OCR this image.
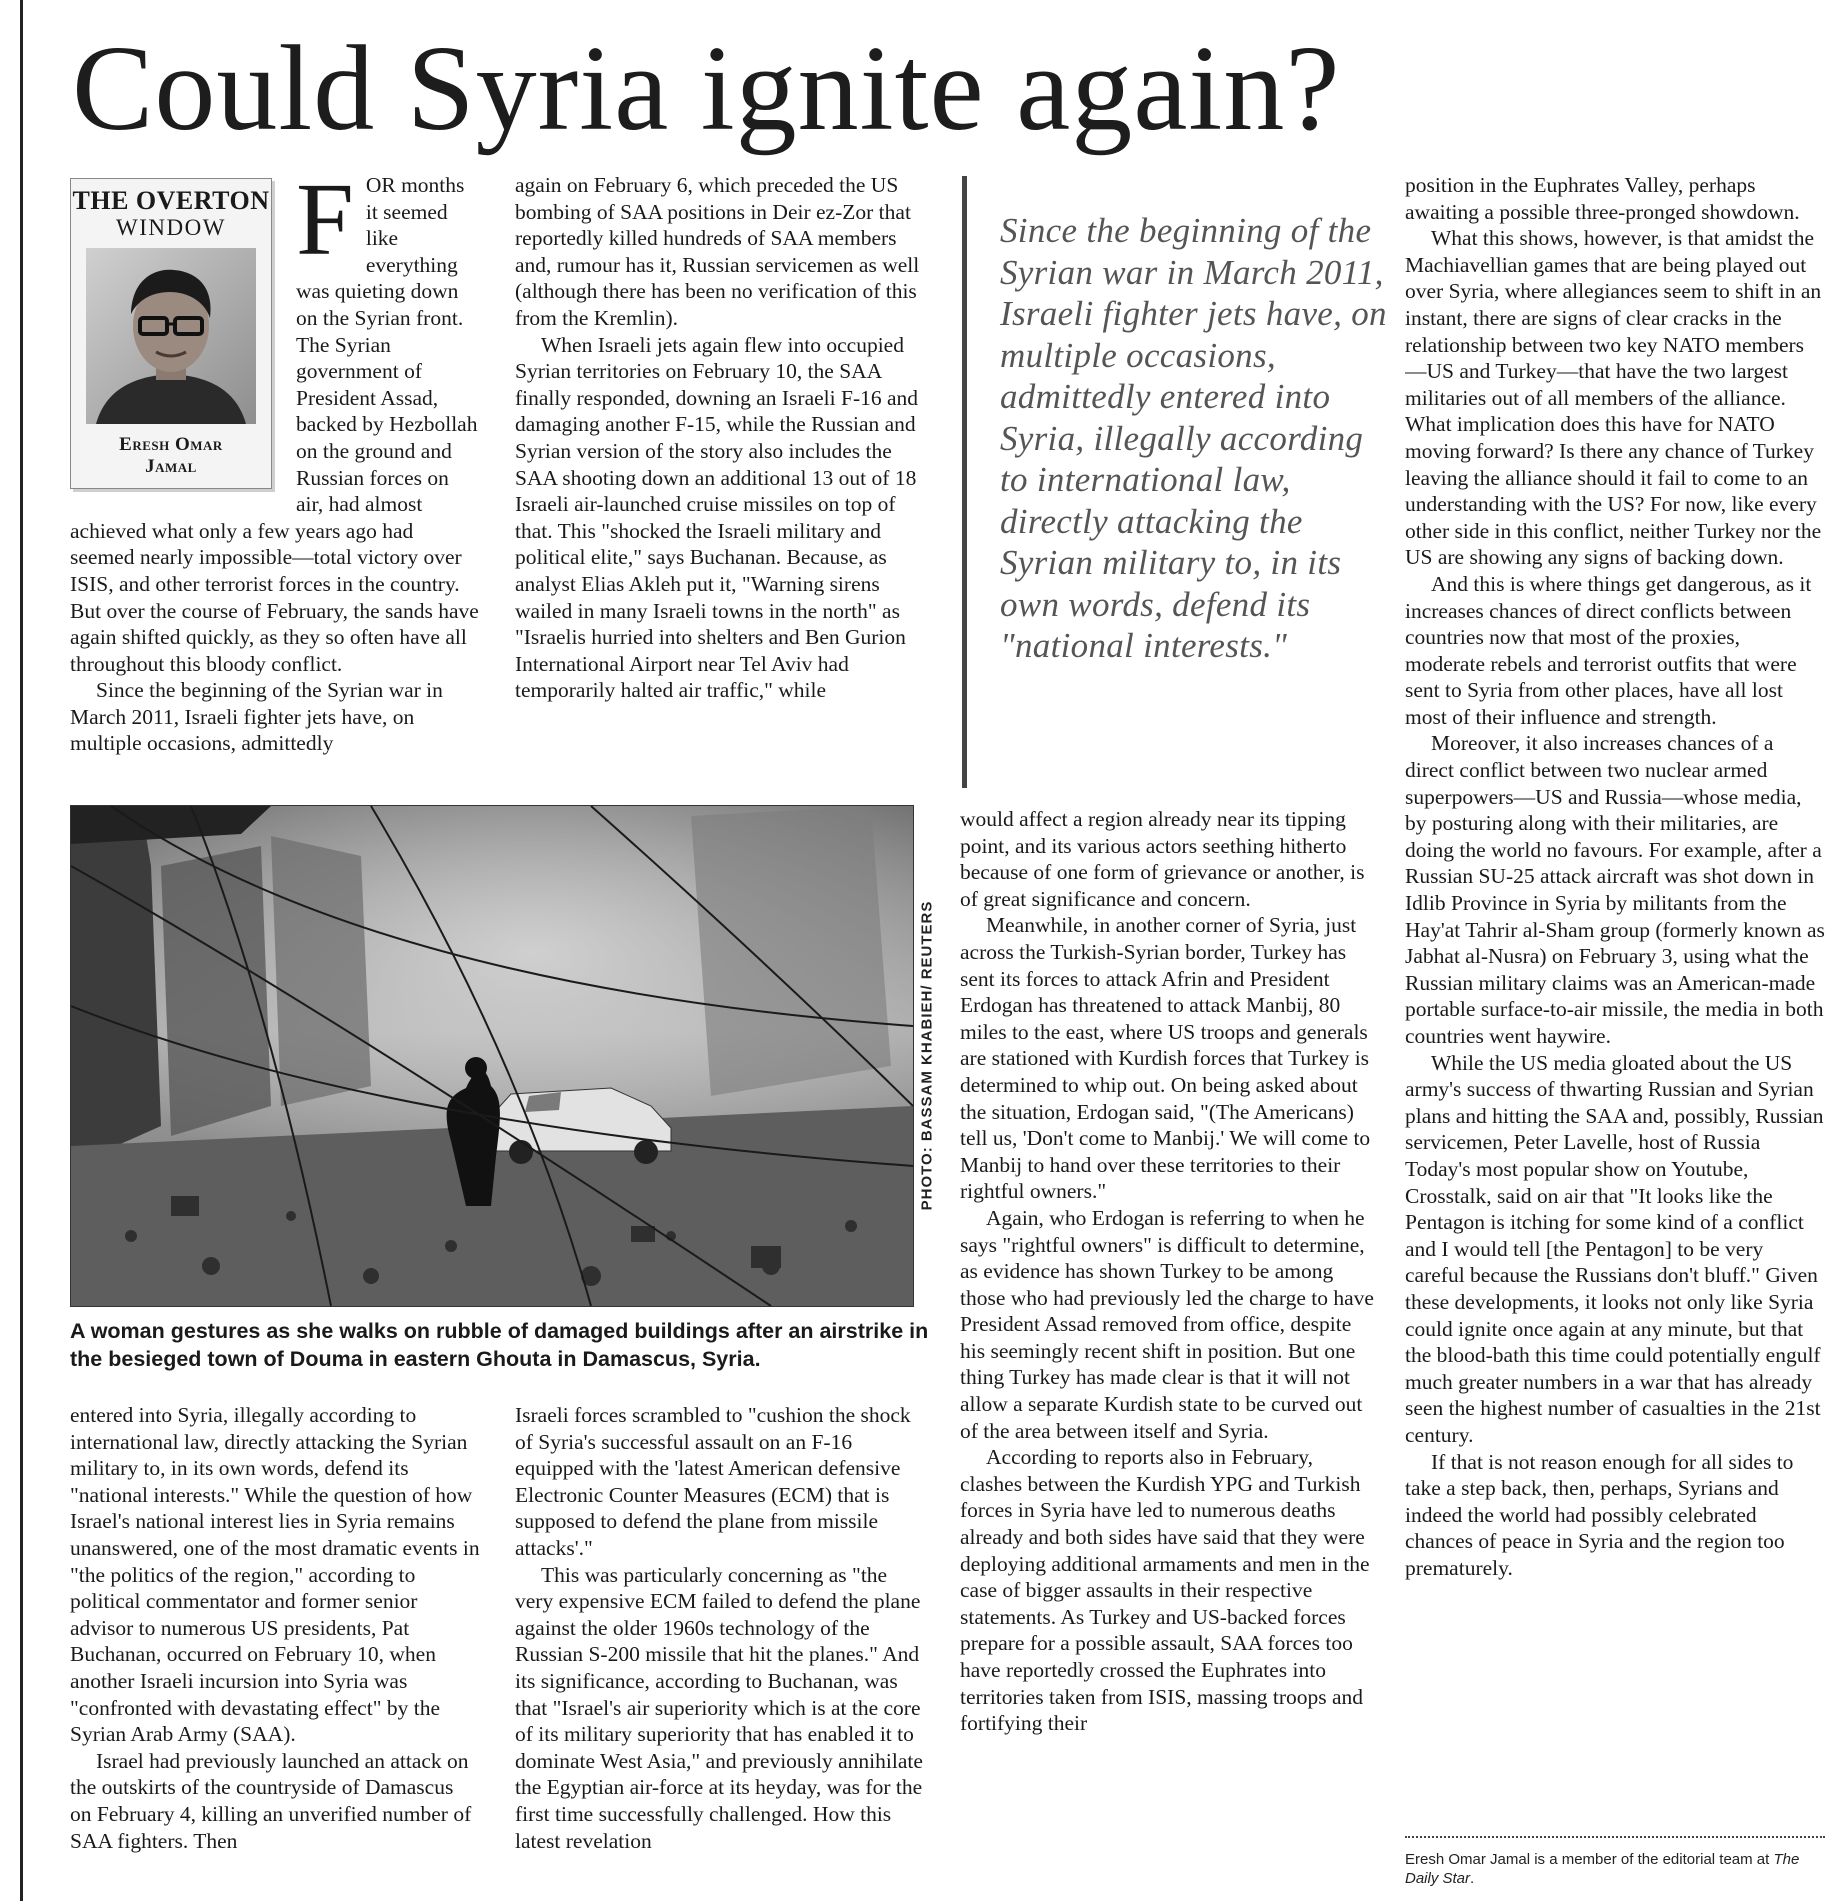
Could Syria ignite again?
THE OVERTON
WINDOW
Eresh Omar
Jamal

FOR months it seemed like everything was quieting down on the Syrian front. The Syrian government of President Assad, backed by Hezbollah on the ground and Russian forces on air, had almost achieved what only a few years ago had seemed nearly impossible—total victory over ISIS, and other terrorist forces in the country. But over the course of February, the sands have again shifted quickly, as they so often have all throughout this bloody conflict.

Since the beginning of the Syrian war in March 2011, Israeli fighter jets have, on multiple occasions, admittedly

again on February 6, which preceded the US bombing of SAA positions in Deir ez-Zor that reportedly killed hundreds of SAA members and, rumour has it, Russian servicemen as well (although there has been no verification of this from the Kremlin).

When Israeli jets again flew into occupied Syrian territories on February 10, the SAA finally responded, downing an Israeli F-16 and damaging another F-15, while the Russian and Syrian version of the story also includes the SAA shooting down an additional 13 out of 18 Israeli air-launched cruise missiles on top of that. This "shocked the Israeli military and political elite," says Buchanan. Because, as analyst Elias Akleh put it, "Warning sirens wailed in many Israeli towns in the north" as "Israelis hurried into shelters and Ben Gurion International Airport near Tel Aviv had temporarily halted air traffic," while

Since the beginning of the Syrian war in March 2011, Israeli fighter jets have, on multiple occasions, admittedly entered into Syria, illegally according to international law, directly attacking the Syrian military to, in its own words, defend its "national interests."
PHOTO: BASSAM KHABIEH/ REUTERS
A woman gestures as she walks on rubble of damaged buildings after an airstrike in the besieged town of Douma in eastern Ghouta in Damascus, Syria.

entered into Syria, illegally according to international law, directly attacking the Syrian military to, in its own words, defend its "national interests." While the question of how Israel's national interest lies in Syria remains unanswered, one of the most dramatic events in "the politics of the region," according to political commentator and former senior advisor to numerous US presidents, Pat Buchanan, occurred on February 10, when another Israeli incursion into Syria was "confronted with devastating effect" by the Syrian Arab Army (SAA).

Israel had previously launched an attack on the outskirts of the countryside of Damascus on February 4, killing an unverified number of SAA fighters. Then

Israeli forces scrambled to "cushion the shock of Syria's successful assault on an F-16 equipped with the 'latest American defensive Electronic Counter Measures (ECM) that is supposed to defend the plane from missile attacks'."

This was particularly concerning as "the very expensive ECM failed to defend the plane against the older 1960s technology of the Russian S-200 missile that hit the planes." And its significance, according to Buchanan, was that "Israel's air superiority which is at the core of its military superiority that has enabled it to dominate West Asia," and previously annihilate the Egyptian air-force at its heyday, was for the first time successfully challenged. How this latest revelation

would affect a region already near its tipping point, and its various actors seething hitherto because of one form of grievance or another, is of great significance and concern.

Meanwhile, in another corner of Syria, just across the Turkish-Syrian border, Turkey has sent its forces to attack Afrin and President Erdogan has threatened to attack Manbij, 80 miles to the east, where US troops and generals are stationed with Kurdish forces that Turkey is determined to whip out. On being asked about the situation, Erdogan said, "(The Americans) tell us, 'Don't come to Manbij.' We will come to Manbij to hand over these territories to their rightful owners."

Again, who Erdogan is referring to when he says "rightful owners" is difficult to determine, as evidence has shown Turkey to be among those who had previously led the charge to have President Assad removed from office, despite his seemingly recent shift in position. But one thing Turkey has made clear is that it will not allow a separate Kurdish state to be curved out of the area between itself and Syria.

According to reports also in February, clashes between the Kurdish YPG and Turkish forces in Syria have led to numerous deaths already and both sides have said that they were deploying additional armaments and men in the case of bigger assaults in their respective statements. As Turkey and US-backed forces prepare for a possible assault, SAA forces too have reportedly crossed the Euphrates into territories taken from ISIS, massing troops and fortifying their

position in the Euphrates Valley, perhaps awaiting a possible three-pronged showdown.

What this shows, however, is that amidst the Machiavellian games that are being played out over Syria, where allegiances seem to shift in an instant, there are signs of clear cracks in the relationship between two key NATO members—US and Turkey—that have the two largest militaries out of all members of the alliance. What implication does this have for NATO moving forward? Is there any chance of Turkey leaving the alliance should it fail to come to an understanding with the US? For now, like every other side in this conflict, neither Turkey nor the US are showing any signs of backing down.

And this is where things get dangerous, as it increases chances of direct conflicts between countries now that most of the proxies, moderate rebels and terrorist outfits that were sent to Syria from other places, have all lost most of their influence and strength.

Moreover, it also increases chances of a direct conflict between two nuclear armed superpowers—US and Russia—whose media, by posturing along with their militaries, are doing the world no favours. For example, after a Russian SU-25 attack aircraft was shot down in Idlib Province in Syria by militants from the Hay'at Tahrir al-Sham group (formerly known as Jabhat al-Nusra) on February 3, using what the Russian military claims was an American-made portable surface-to-air missile, the media in both countries went haywire.

While the US media gloated about the US army's success of thwarting Russian and Syrian plans and hitting the SAA and, possibly, Russian servicemen, Peter Lavelle, host of Russia Today's most popular show on Youtube, Crosstalk, said on air that "It looks like the Pentagon is itching for some kind of a conflict and I would tell [the Pentagon] to be very careful because the Russians don't bluff." Given these developments, it looks not only like Syria could ignite once again at any minute, but that the blood-bath this time could potentially engulf much greater numbers in a war that has already seen the highest number of casualties in the 21st century.

If that is not reason enough for all sides to take a step back, then, perhaps, Syrians and indeed the world had possibly celebrated chances of peace in Syria and the region too prematurely.

Eresh Omar Jamal is a member of the editorial team at The Daily Star.
